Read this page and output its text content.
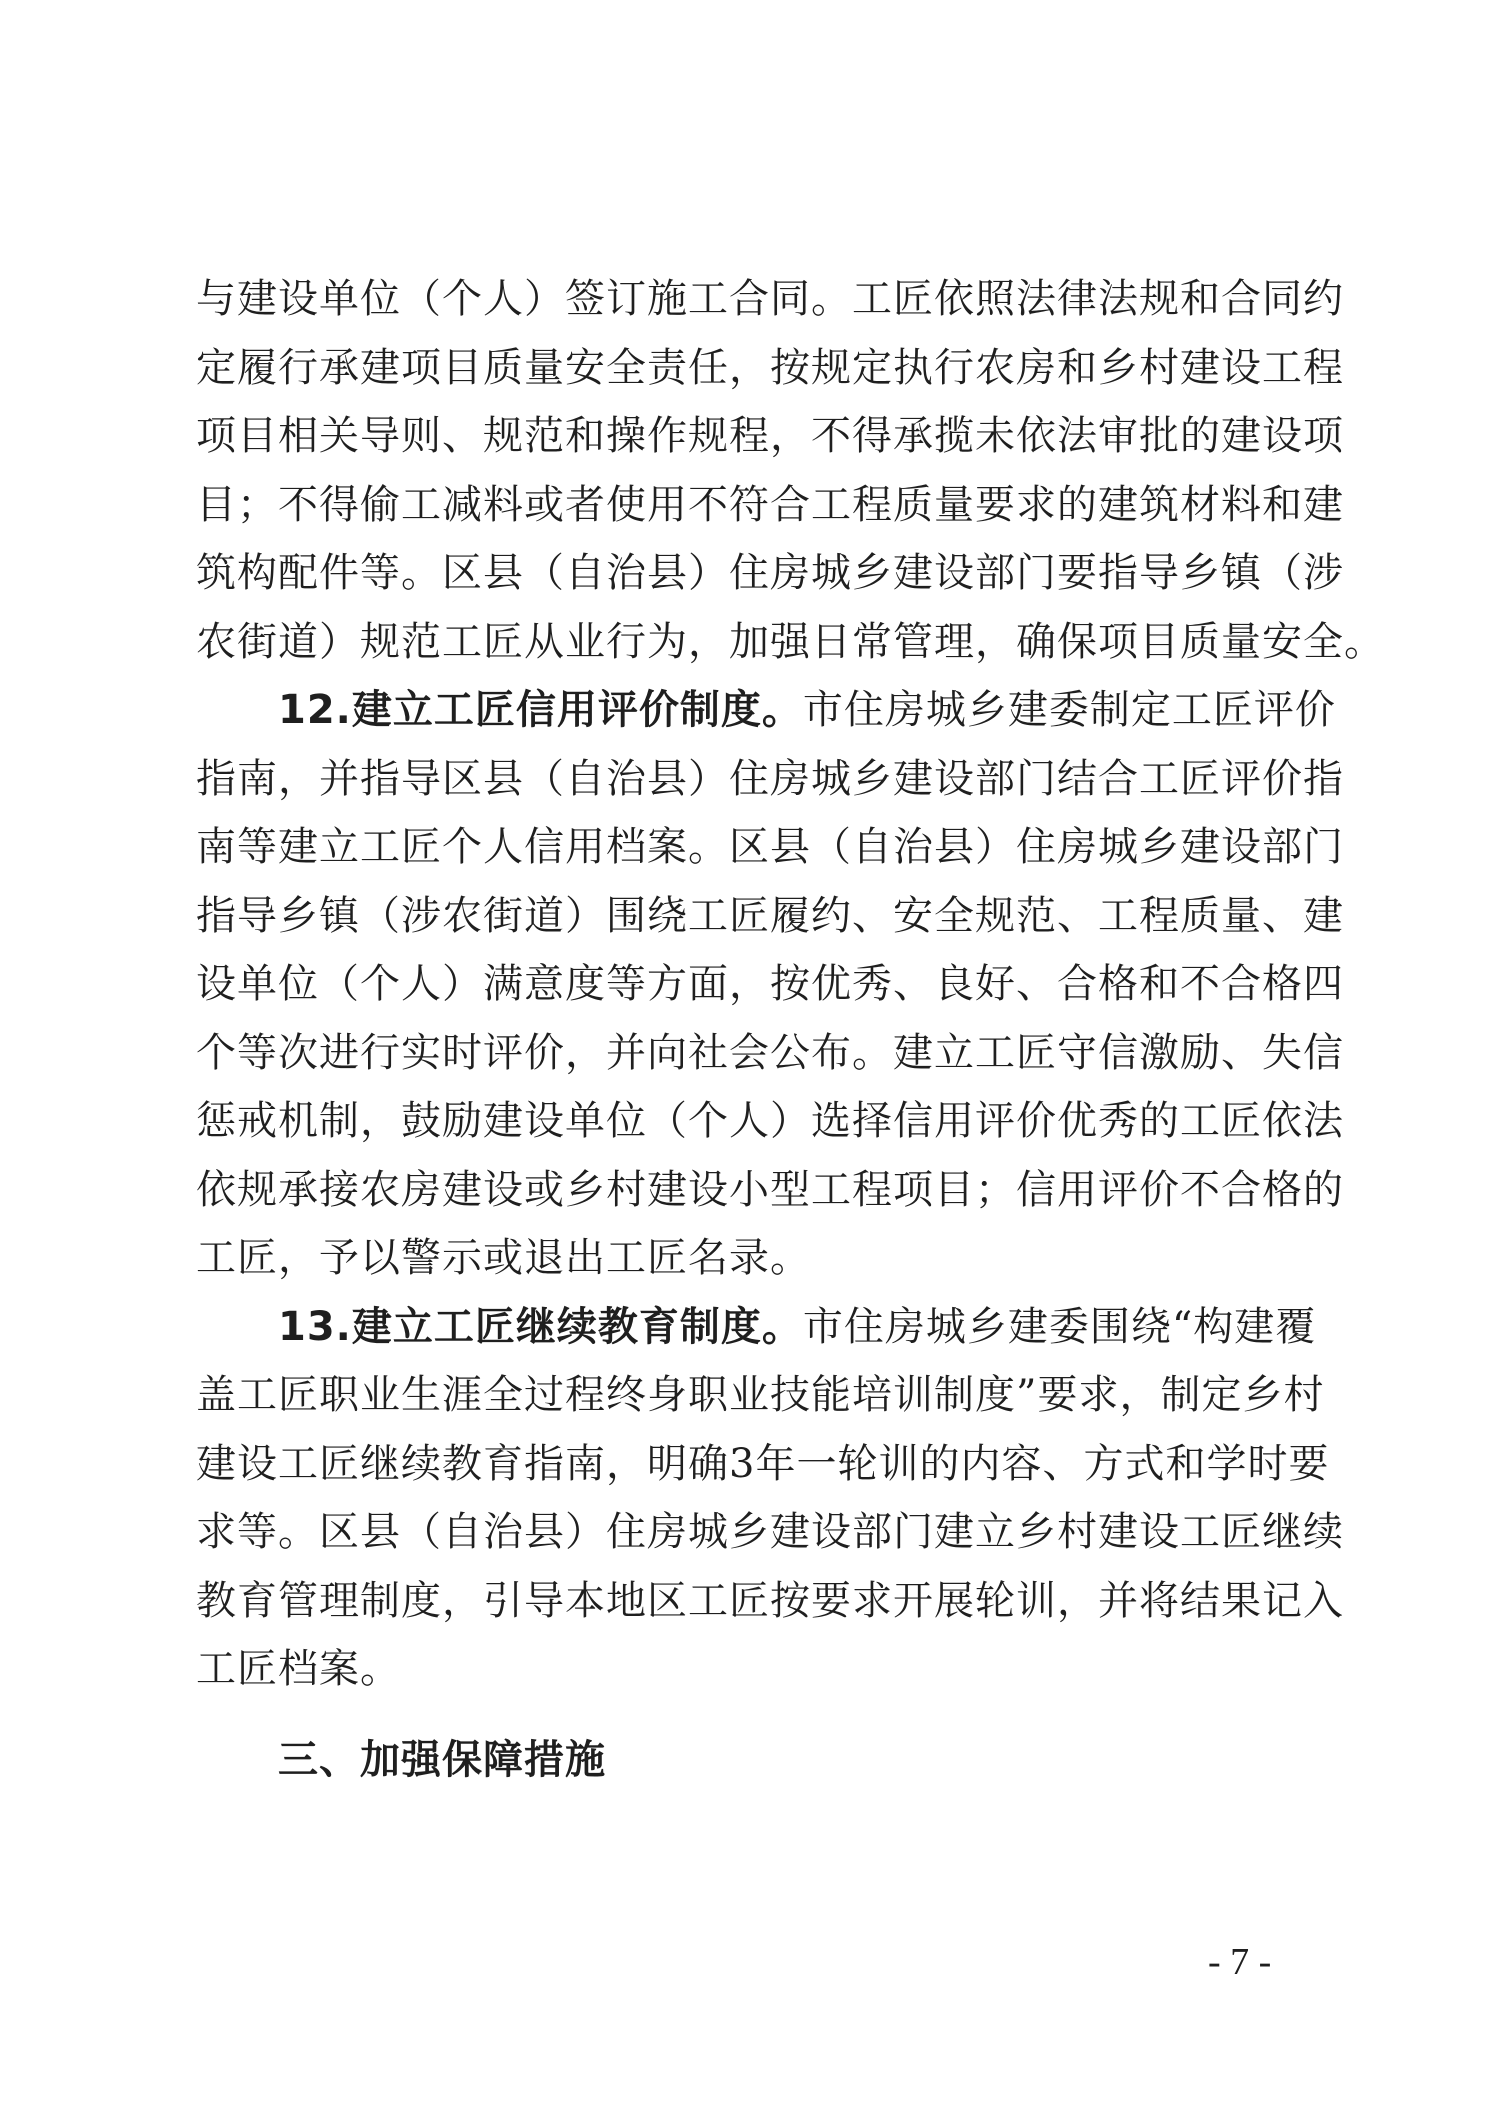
与建设单位（个人）签订施工合同。工匠依照法律法规和合同约
定履行承建项目质量安全责任，按规定执行农房和乡村建设工程
项目相关导则、规范和操作规程，不得承揽未依法审批的建设项
目；不得偷工减料或者使用不符合工程质量要求的建筑材料和建
筑构配件等。区县（自治县）住房城乡建设部门要指导乡镇（涉
农街道）规范工匠从业行为，加强日常管理，确保项目质量安全。
12.建立工匠信用评价制度。市住房城乡建委制定工匠评价
指南，并指导区县（自治县）住房城乡建设部门结合工匠评价指
南等建立工匠个人信用档案。区县（自治县）住房城乡建设部门
指导乡镇（涉农街道）围绕工匠履约、安全规范、工程质量、建
设单位（个人）满意度等方面，按优秀、良好、合格和不合格四
个等次进行实时评价，并向社会公布。建立工匠守信激励、失信
惩戒机制，鼓励建设单位（个人）选择信用评价优秀的工匠依法
依规承接农房建设或乡村建设小型工程项目；信用评价不合格的
工匠，予以警示或退出工匠名录。
13.建立工匠继续教育制度。市住房城乡建委围绕“构建覆
盖工匠职业生涯全过程终身职业技能培训制度”要求，制定乡村
建设工匠继续教育指南，明确3年一轮训的内容、方式和学时要
求等。区县（自治县）住房城乡建设部门建立乡村建设工匠继续
教育管理制度，引导本地区工匠按要求开展轮训，并将结果记入
工匠档案。
三、加强保障措施
- 7 -
